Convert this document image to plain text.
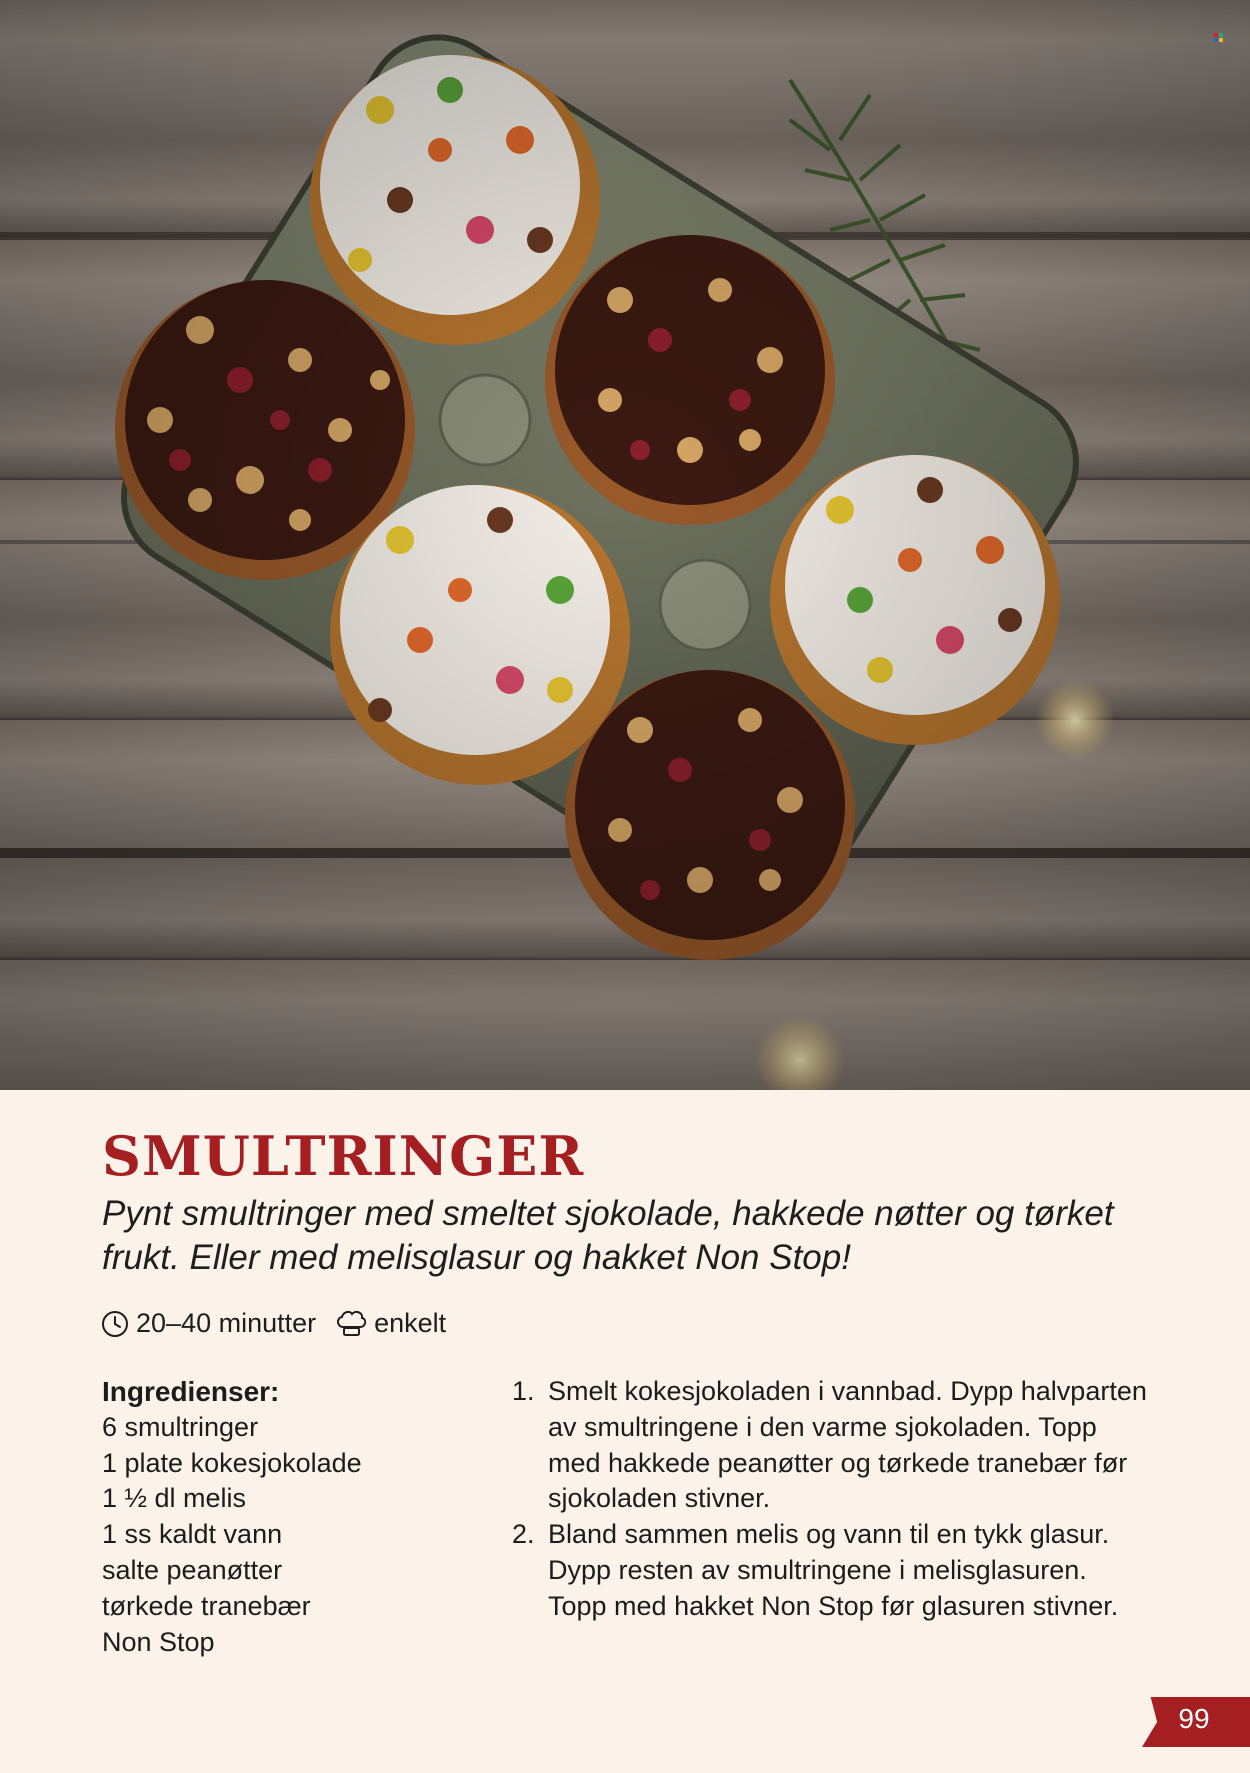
SMULTRINGER

Pynt smultringer med smeltet sjokolade, hakkede nøtter og tørket frukt. Eller med melisglasur og hakket Non Stop!

20–40 minutter enkelt
Ingredienser:
6 smultringer
1 plate kokesjokolade
1 ½ dl melis
1 ss kaldt vann
salte peanøtter
tørkede tranebær
Non Stop
1. Smelt kokesjokoladen i vannbad. Dypp halvparten av smultringene i den varme sjokoladen. Topp med hakkede peanøtter og tørkede tranebær før sjokoladen stivner.
2. Bland sammen melis og vann til en tykk glasur. Dypp resten av smultringene i melisglasuren. Topp med hakket Non Stop før glasuren stivner.
99
